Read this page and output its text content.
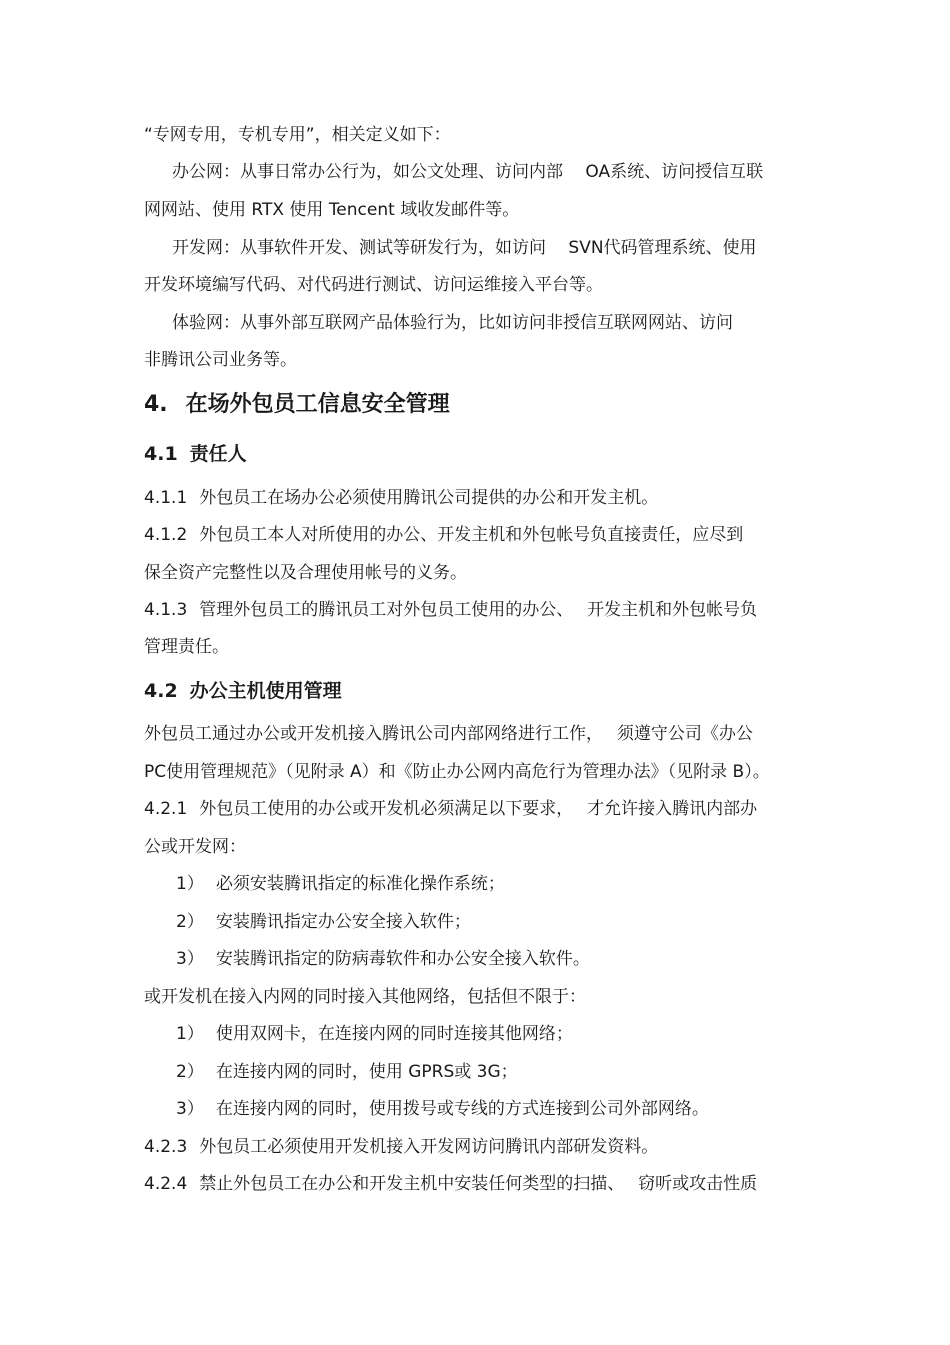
“专网专用，专机专用”，相关定义如下：

办公网：从事日常办公行为，如公文处理、访问内部　 OA系统、访问授信互联

网网站、使用 RTX 使用 Tencent 域收发邮件等。

开发网：从事软件开发、测试等研发行为，如访问　 SVN代码管理系统、使用

开发环境编写代码、对代码进行测试、访问运维接入平台等。

体验网：从事外部互联网产品体验行为，比如访问非授信互联网网站、访问

非腾讯公司业务等。

4. 在场外包员工信息安全管理
4.1 责任人

4.1.1 外包员工在场办公必须使用腾讯公司提供的办公和开发主机。

4.1.2 外包员工本人对所使用的办公、开发主机和外包帐号负直接责任，应尽到

保全资产完整性以及合理使用帐号的义务。

4.1.3 管理外包员工的腾讯员工对外包员工使用的办公、　 开发主机和外包帐号负

管理责任。

4.2 办公主机使用管理

外包员工通过办公或开发机接入腾讯公司内部网络进行工作，　 须遵守公司《办公

PC使用管理规范》（见附录 A）和《防止办公网内高危行为管理办法》（见附录 B）。

4.2.1 外包员工使用的办公或开发机必须满足以下要求，　 才允许接入腾讯内部办

公或开发网：

1） 必须安装腾讯指定的标准化操作系统；

2） 安装腾讯指定办公安全接入软件；

3） 安装腾讯指定的防病毒软件和办公安全接入软件。

或开发机在接入内网的同时接入其他网络，包括但不限于：

1） 使用双网卡，在连接内网的同时连接其他网络；

2） 在连接内网的同时，使用 GPRS或 3G；

3） 在连接内网的同时，使用拨号或专线的方式连接到公司外部网络。

4.2.3 外包员工必须使用开发机接入开发网访问腾讯内部研发资料。

4.2.4 禁止外包员工在办公和开发主机中安装任何类型的扫描、　 窃听或攻击性质
